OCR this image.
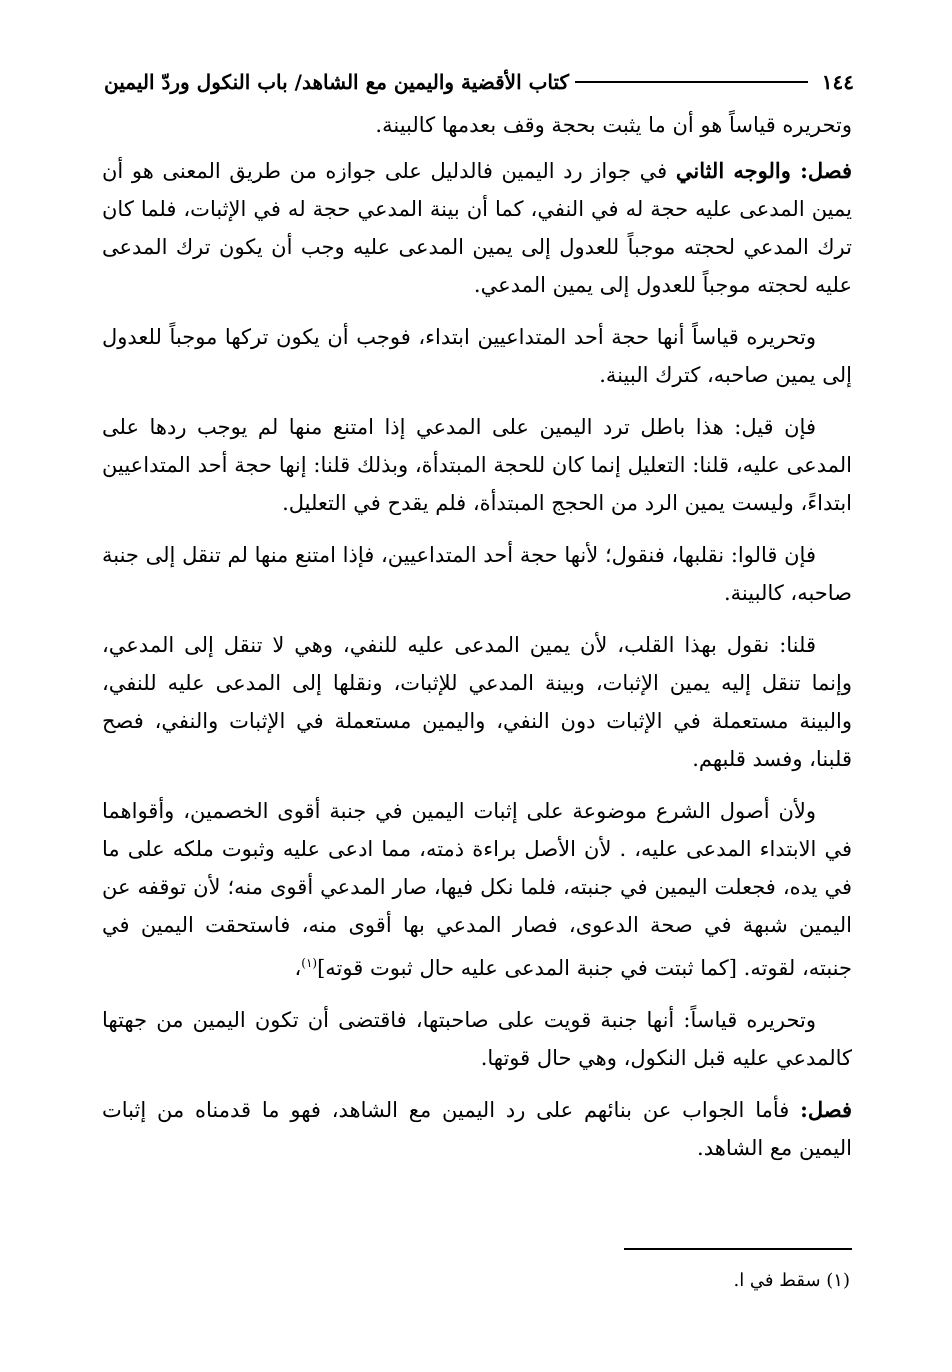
١٤٤
كتاب الأقضية واليمين مع الشاهد/ باب النكول وردّ اليمين

وتحريره قياساً هو أن ما يثبت بحجة وقف بعدمها كالبينة.

فصل: والوجه الثاني في جواز رد اليمين فالدليل على جوازه من طريق المعنى هو أن يمين المدعى عليه حجة له في النفي، كما أن بينة المدعي حجة له في الإثبات، فلما كان ترك المدعي لحجته موجباً للعدول إلى يمين المدعى عليه وجب أن يكون ترك المدعى عليه لحجته موجباً للعدول إلى يمين المدعي.

وتحريره قياساً أنها حجة أحد المتداعيين ابتداء، فوجب أن يكون تركها موجباً للعدول إلى يمين صاحبه، كترك البينة.

فإن قيل: هذا باطل ترد اليمين على المدعي إذا امتنع منها لم يوجب ردها على المدعى عليه، قلنا: التعليل إنما كان للحجة المبتدأة، وبذلك قلنا: إنها حجة أحد المتداعيين ابتداءً، وليست يمين الرد من الحجج المبتدأة، فلم يقدح في التعليل.

فإن قالوا: نقلبها، فنقول؛ لأنها حجة أحد المتداعيين، فإذا امتنع منها لم تنقل إلى جنبة صاحبه، كالبينة.

قلنا: نقول بهذا القلب، لأن يمين المدعى عليه للنفي، وهي لا تنقل إلى المدعي، وإنما تنقل إليه يمين الإثبات، وبينة المدعي للإثبات، ونقلها إلى المدعى عليه للنفي، والبينة مستعملة في الإثبات دون النفي، واليمين مستعملة في الإثبات والنفي، فصح قلبنا، وفسد قلبهم.

ولأن أصول الشرع موضوعة على إثبات اليمين في جنبة أقوى الخصمين، وأقواهما في الابتداء المدعى عليه، . لأن الأصل براءة ذمته، مما ادعى عليه وثبوت ملكه على ما في يده، فجعلت اليمين في جنبته، فلما نكل فيها، صار المدعي أقوى منه؛ لأن توقفه عن اليمين شبهة في صحة الدعوى، فصار المدعي بها أقوى منه، فاستحقت اليمين في جنبته، لقوته. [كما ثبتت في جنبة المدعى عليه حال ثبوت قوته]$^{(١)}$،

وتحريره قياساً: أنها جنبة قويت على صاحبتها، فاقتضى أن تكون اليمين من جهتها كالمدعي عليه قبل النكول، وهي حال قوتها.

فصل: فأما الجواب عن بنائهم على رد اليمين مع الشاهد، فهو ما قدمناه من إثبات اليمين مع الشاهد.

(١) سقط في ا.
